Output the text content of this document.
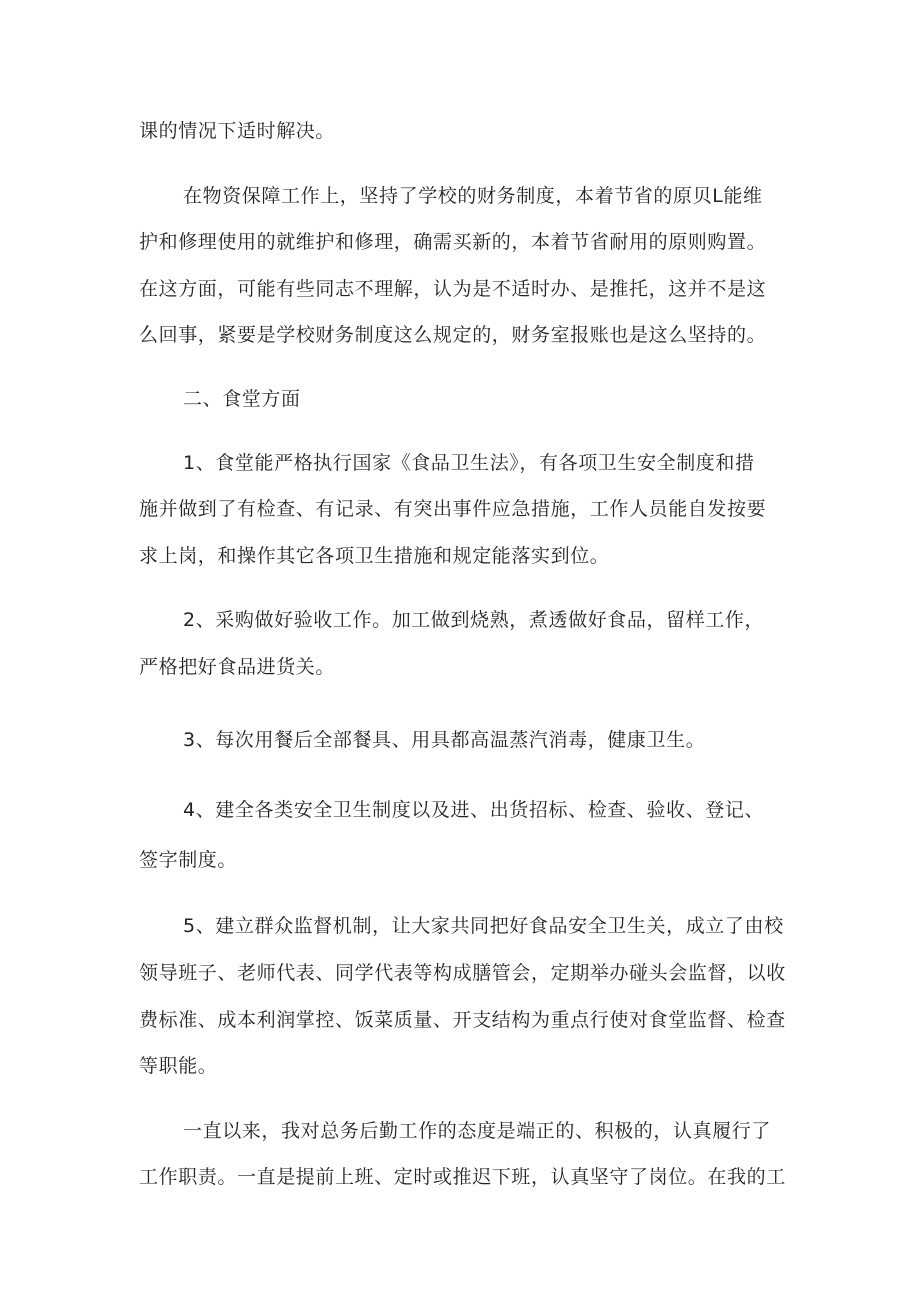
课的情况下适时解决。

在物资保障工作上，坚持了学校的财务制度，本着节省的原贝L能维

护和修理使用的就维护和修理，确需买新的，本着节省耐用的原则购置。

在这方面，可能有些同志不理解，认为是不适时办、是推托，这并不是这

么回事，紧要是学校财务制度这么规定的，财务室报账也是这么坚持的。

二、食堂方面

1、食堂能严格执行国家《食品卫生法》，有各项卫生安全制度和措

施并做到了有检查、有记录、有突出事件应急措施，工作人员能自发按要

求上岗，和操作其它各项卫生措施和规定能落实到位。

2、采购做好验收工作。加工做到烧熟，煮透做好食品，留样工作，

严格把好食品进货关。

3、每次用餐后全部餐具、用具都高温蒸汽消毒，健康卫生。

4、建全各类安全卫生制度以及进、出货招标、检查、验收、登记、

签字制度。

5、建立群众监督机制，让大家共同把好食品安全卫生关，成立了由校

领导班子、老师代表、同学代表等构成膳管会，定期举办碰头会监督，以收

费标准、成本利润掌控、饭菜质量、开支结构为重点行使对食堂监督、检查

等职能。

一直以来，我对总务后勤工作的态度是端正的、积极的，认真履行了

工作职责。一直是提前上班、定时或推迟下班，认真坚守了岗位。在我的工
